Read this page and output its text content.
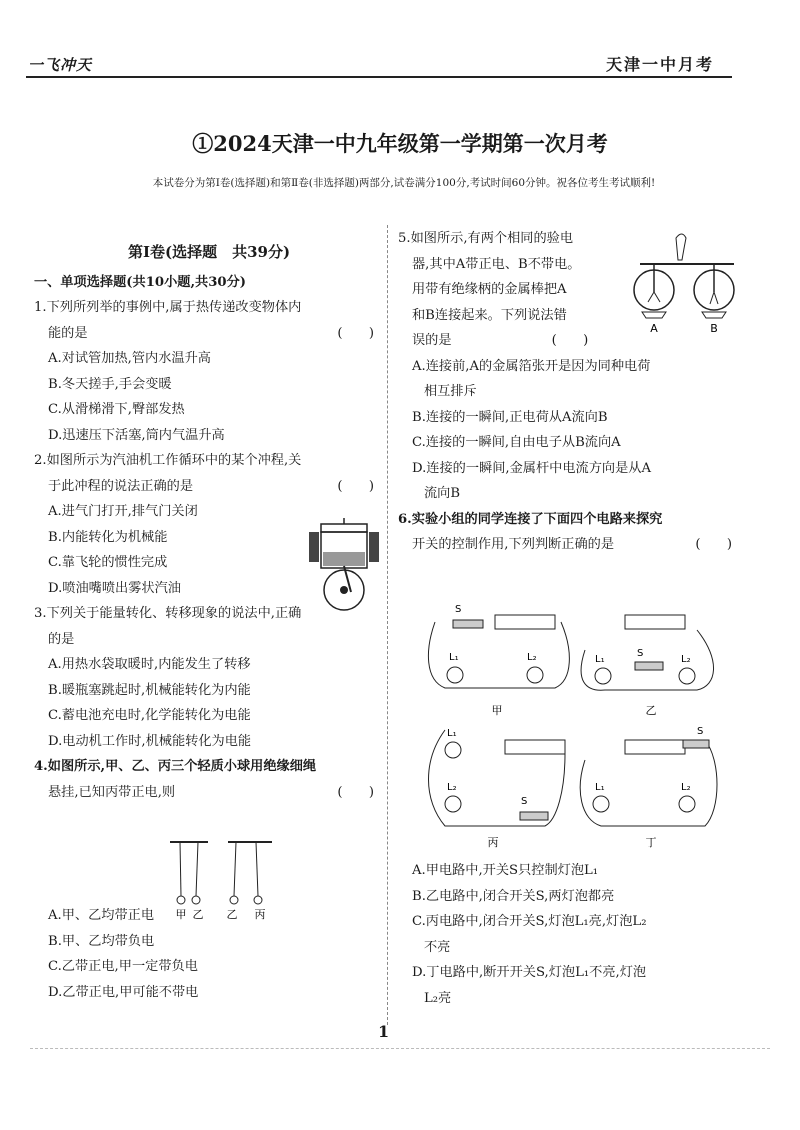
一飞冲天	天津一中月考
①2024天津一中九年级第一学期第一次月考
本试卷分为第Ⅰ卷(选择题)和第Ⅱ卷(非选择题)两部分,试卷满分100分,考试时间60分钟。祝各位考生考试顺利!

第Ⅰ卷(选择题　共39分)

一、单项选择题(共10小题,共30分)

1.下列所列举的事例中,属于热传递改变物体内

能的是	(　　)

A.对试管加热,管内水温升高

B.冬天搓手,手会变暖

C.从滑梯滑下,臀部发热

D.迅速压下活塞,筒内气温升高

2.如图所示为汽油机工作循环中的某个冲程,关

于此冲程的说法正确的是	(　　)

A.进气门打开,排气门关闭

B.内能转化为机械能

C.靠飞轮的惯性完成

D.喷油嘴喷出雾状汽油

3.下列关于能量转化、转移现象的说法中,正确

的是

A.用热水袋取暖时,内能发生了转移

B.暖瓶塞跳起时,机械能转化为内能

C.蓄电池充电时,化学能转化为电能

D.电动机工作时,机械能转化为电能

4.如图所示,甲、乙、丙三个轻质小球用绝缘细绳

悬挂,已知丙带正电,则	(　　)

A.甲、乙均带正电

B.甲、乙均带负电

C.乙带正电,甲一定带负电

D.乙带正电,甲可能不带电

甲 乙 乙 丙

5.如图所示,有两个相同的验电

器,其中A带正电、B不带电。

用带有绝缘柄的金属棒把A

和B连接起来。下列说法错

误的是	(　　)

A.连接前,A的金属箔张开是因为同种电荷

相互排斥

B.连接的一瞬间,正电荷从A流向B

C.连接的一瞬间,自由电子从B流向A

D.连接的一瞬间,金属杆中电流方向是从A

流向B

6.实验小组的同学连接了下面四个电路来探究

开关的控制作用,下列判断正确的是	(　　)

A	B
S
L₁	L₂
甲
S
L₁	L₂
乙
L₁
L₂
S
丙
S
L₁	L₂
丁

A.甲电路中,开关S只控制灯泡L₁

B.乙电路中,闭合开关S,两灯泡都亮

C.丙电路中,闭合开关S,灯泡L₁亮,灯泡L₂

不亮

D.丁电路中,断开开关S,灯泡L₁不亮,灯泡

L₂亮

1
